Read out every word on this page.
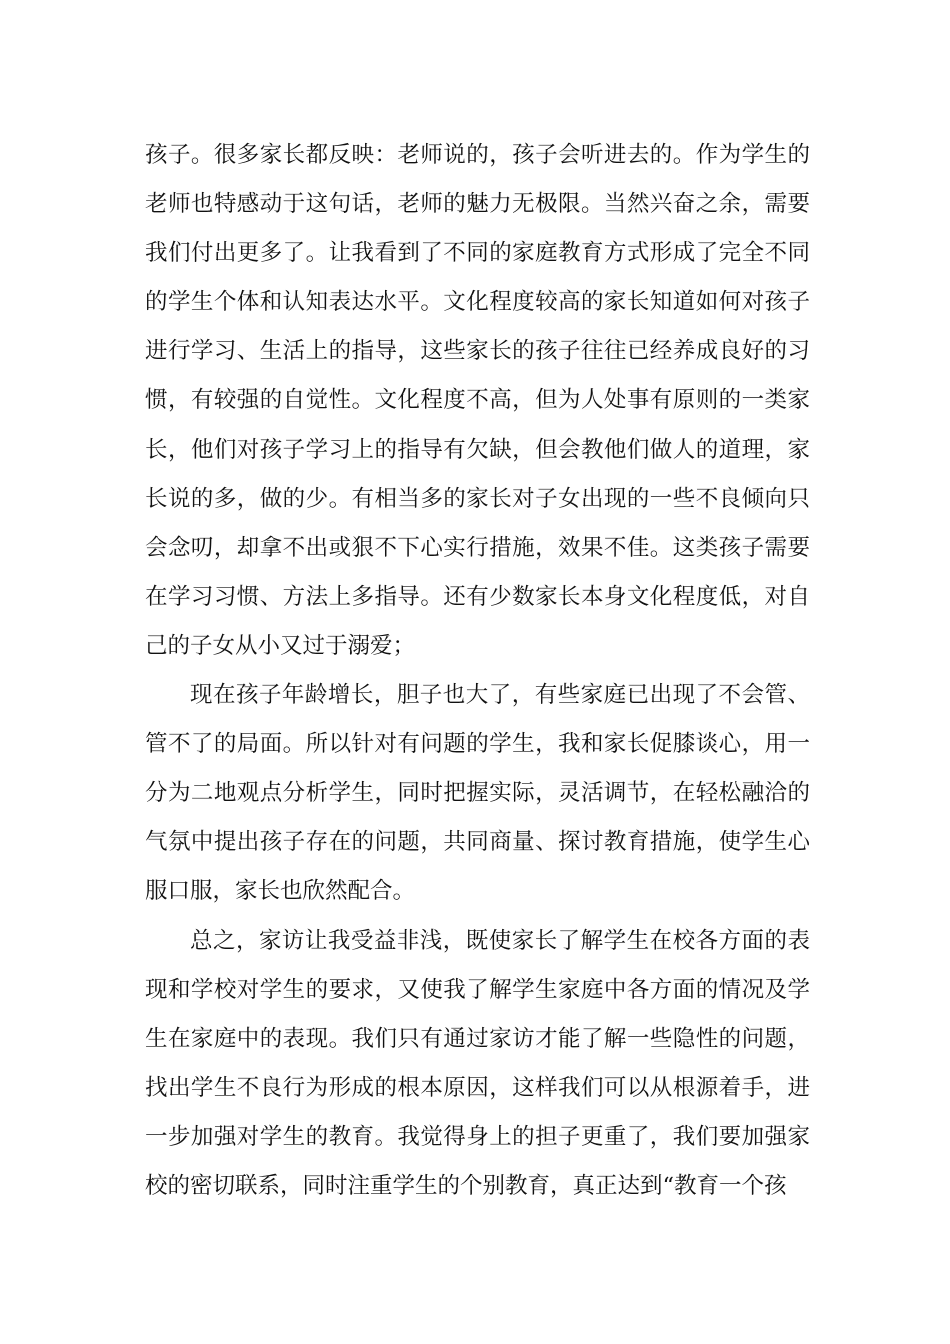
孩子。很多家长都反映：老师说的，孩子会听进去的。作为学生的老师也特感动于这句话，老师的魅力无极限。当然兴奋之余，需要我们付出更多了。让我看到了不同的家庭教育方式形成了完全不同的学生个体和认知表达水平。文化程度较高的家长知道如何对孩子进行学习、生活上的指导，这些家长的孩子往往已经养成良好的习惯，有较强的自觉性。文化程度不高，但为人处事有原则的一类家长，他们对孩子学习上的指导有欠缺，但会教他们做人的道理，家长说的多，做的少。有相当多的家长对子女出现的一些不良倾向只会念叨，却拿不出或狠不下心实行措施，效果不佳。这类孩子需要在学习习惯、方法上多指导。还有少数家长本身文化程度低，对自己的子女从小又过于溺爱；

现在孩子年龄增长，胆子也大了，有些家庭已出现了不会管、管不了的局面。所以针对有问题的学生，我和家长促膝谈心，用一分为二地观点分析学生，同时把握实际，灵活调节，在轻松融洽的气氛中提出孩子存在的问题，共同商量、探讨教育措施，使学生心服口服，家长也欣然配合。

总之，家访让我受益非浅，既使家长了解学生在校各方面的表现和学校对学生的要求，又使我了解学生家庭中各方面的情况及学生在家庭中的表现。我们只有通过家访才能了解一些隐性的问题，找出学生不良行为形成的根本原因，这样我们可以从根源着手，进一步加强对学生的教育。我觉得身上的担子更重了，我们要加强家校的密切联系，同时注重学生的个别教育，真正达到“教育一个孩
